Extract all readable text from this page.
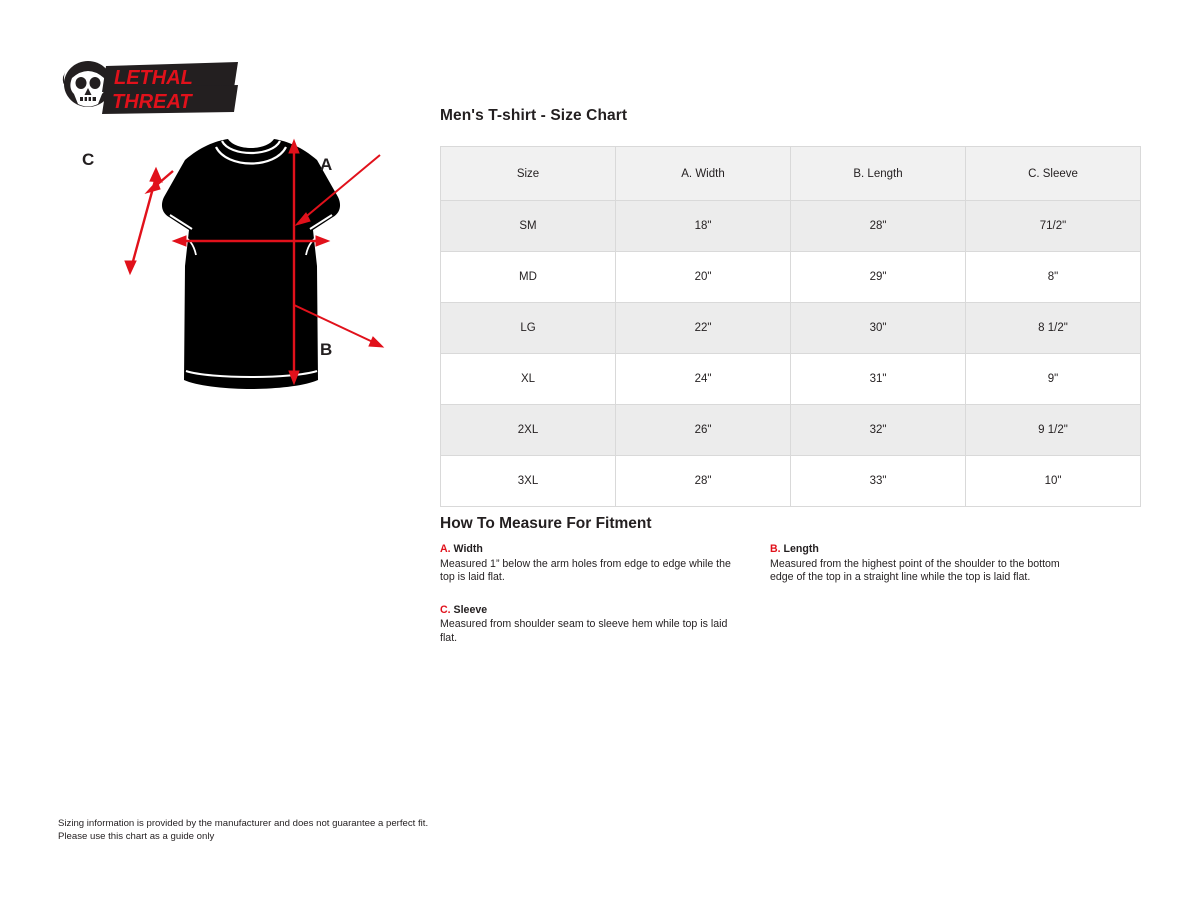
LETHAL
THREAT
A
B
C
Men's T-shirt - Size Chart
Size	A. Width	B. Length	C. Sleeve
SM	18"	28"	71/2"
MD	20"	29"	8"
LG	22"	30"	8 1/2"
XL	24"	31"	9"
2XL	26"	32"	9 1/2"
3XL	28"	33"	10"
How To Measure For Fitment
A. Width
Measured 1” below the arm holes from edge to edge while the top is laid flat.
C. Sleeve
Measured from shoulder seam to sleeve hem while top is laid flat.
B. Length
Measured from the highest point of the shoulder to the bottom edge of the top in a straight line while the top is laid flat.
Sizing information is provided by the manufacturer and does not guarantee a perfect fit.
Please use this chart as a guide only
